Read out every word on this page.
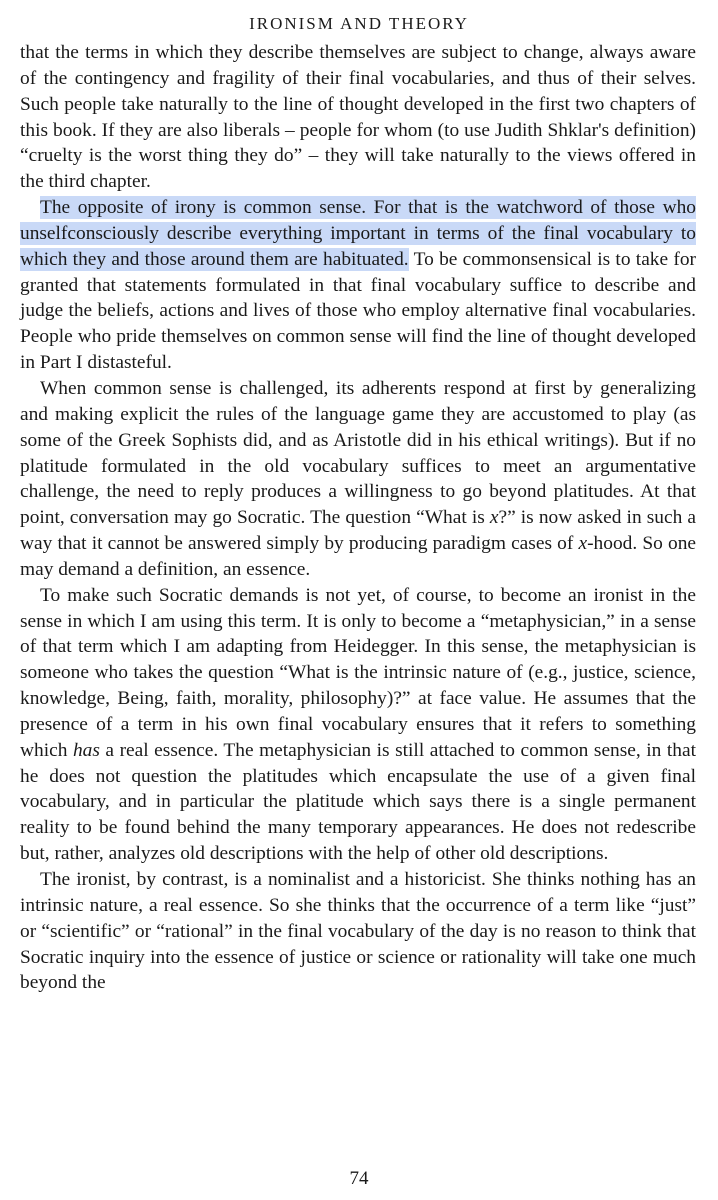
IRONISM AND THEORY

that the terms in which they describe themselves are subject to change, always aware of the contingency and fragility of their final vocabularies, and thus of their selves. Such people take naturally to the line of thought developed in the first two chapters of this book. If they are also liberals – people for whom (to use Judith Shklar's definition) “cruelty is the worst thing they do” – they will take naturally to the views offered in the third chapter.

The opposite of irony is common sense. For that is the watchword of those who unselfconsciously describe everything important in terms of the final vocabulary to which they and those around them are habituated. To be commonsensical is to take for granted that statements formulated in that final vocabulary suffice to describe and judge the beliefs, actions and lives of those who employ alternative final vocabularies. People who pride themselves on common sense will find the line of thought developed in Part I distasteful.

When common sense is challenged, its adherents respond at first by generalizing and making explicit the rules of the language game they are accustomed to play (as some of the Greek Sophists did, and as Aristotle did in his ethical writings). But if no platitude formulated in the old vocabulary suffices to meet an argumentative challenge, the need to reply produces a willingness to go beyond platitudes. At that point, conversation may go Socratic. The question “What is x?” is now asked in such a way that it cannot be answered simply by producing paradigm cases of x-hood. So one may demand a definition, an essence.

To make such Socratic demands is not yet, of course, to become an ironist in the sense in which I am using this term. It is only to become a “metaphysician,” in a sense of that term which I am adapting from Heidegger. In this sense, the metaphysician is someone who takes the question “What is the intrinsic nature of (e.g., justice, science, knowledge, Being, faith, morality, philosophy)?” at face value. He assumes that the presence of a term in his own final vocabulary ensures that it refers to something which has a real essence. The metaphysician is still attached to common sense, in that he does not question the platitudes which encapsulate the use of a given final vocabulary, and in particular the platitude which says there is a single permanent reality to be found behind the many temporary appearances. He does not redescribe but, rather, analyzes old descriptions with the help of other old descriptions.

The ironist, by contrast, is a nominalist and a historicist. She thinks nothing has an intrinsic nature, a real essence. So she thinks that the occurrence of a term like “just” or “scientific” or “rational” in the final vocabulary of the day is no reason to think that Socratic inquiry into the essence of justice or science or rationality will take one much beyond the

74
